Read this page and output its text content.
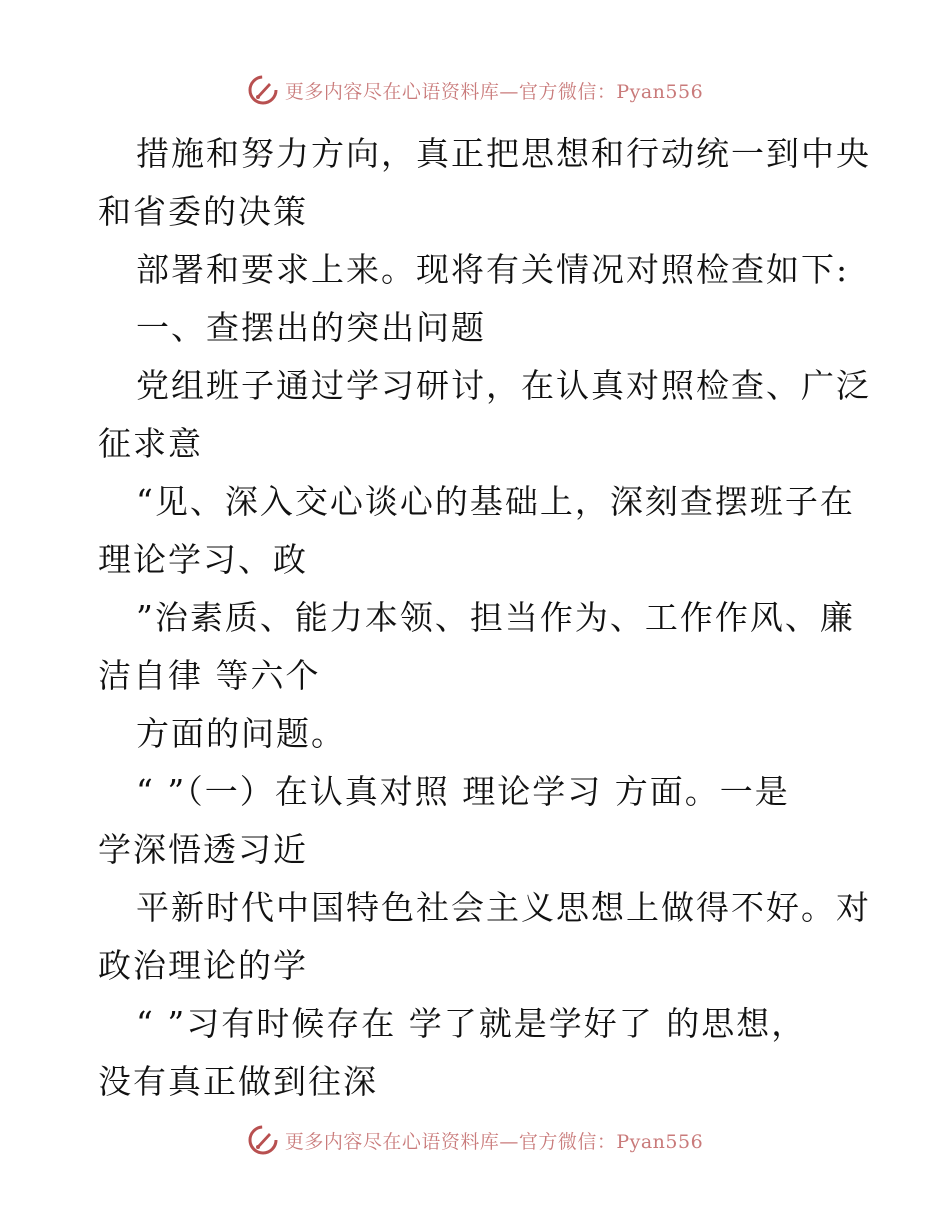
更多内容尽在心语资料库—官方微信：Pyan556
措施和努力方向，真正把思想和行动统一到中央
和省委的决策
部署和要求上来。现将有关情况对照检查如下:
一、查摆出的突出问题
党组班子通过学习研讨，在认真对照检查、广泛
征求意
“见、深入交心谈心的基础上，深刻查摆班子在
理论学习、政
”治素质、能力本领、担当作为、工作作风、廉
洁自律 等六个
方面的问题。
“ ”（一）在认真对照 理论学习 方面。一是
学深悟透习近
平新时代中国特色社会主义思想上做得不好。对
政治理论的学
“ ”习有时候存在 学了就是学好了 的思想，
没有真正做到往深
更多内容尽在心语资料库—官方微信：Pyan556
